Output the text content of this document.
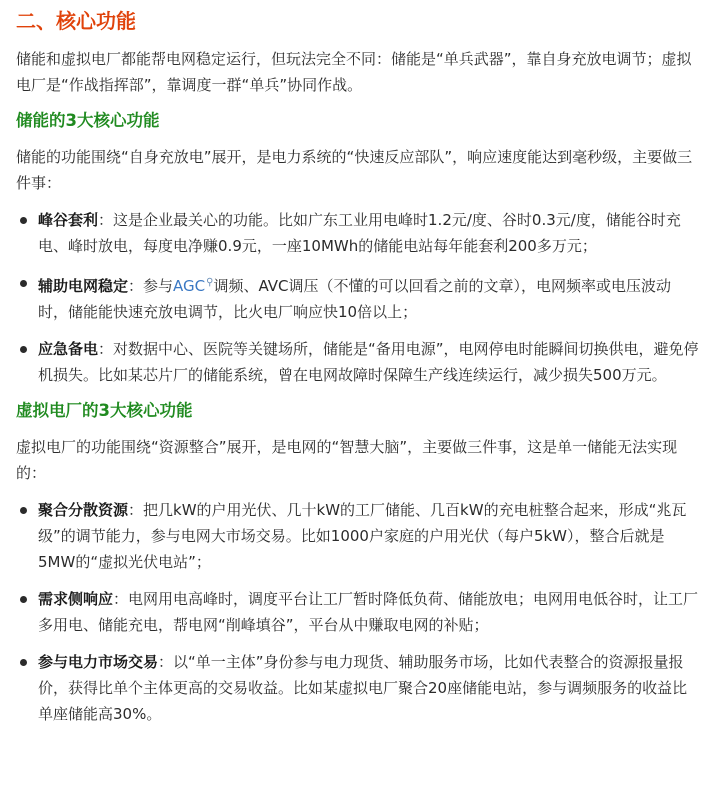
二、核心功能

储能和虚拟电厂都能帮电网稳定运行，但玩法完全不同：储能是“单兵武器”，靠自身充放电调节；虚拟电厂是“作战指挥部”，靠调度一群“单兵”协同作战。

储能的3大核心功能

储能的功能围绕“自身充放电”展开，是电力系统的“快速反应部队”，响应速度能达到毫秒级，主要做三件事：

峰谷套利：这是企业最关心的功能。比如广东工业用电峰时1.2元/度、谷时0.3元/度，储能谷时充电、峰时放电，每度电净赚0.9元，一座10MWh的储能电站每年能套利200多万元；
辅助电网稳定：参与AGC⚲调频、AVC调压（不懂的可以回看之前的文章），电网频率或电压波动时，储能能快速充放电调节，比火电厂响应快10倍以上；
应急备电：对数据中心、医院等关键场所，储能是“备用电源”，电网停电时能瞬间切换供电，避免停机损失。比如某芯片厂的储能系统，曾在电网故障时保障生产线连续运行，减少损失500万元。
虚拟电厂的3大核心功能

虚拟电厂的功能围绕“资源整合”展开，是电网的“智慧大脑”，主要做三件事，这是单一储能无法实现的：

聚合分散资源：把几kW的户用光伏、几十kW的工厂储能、几百kW的充电桩整合起来，形成“兆瓦级”的调节能力，参与电网大市场交易。比如1000户家庭的户用光伏（每户5kW），整合后就是5MW的“虚拟光伏电站”；
需求侧响应：电网用电高峰时，调度平台让工厂暂时降低负荷、储能放电；电网用电低谷时，让工厂多用电、储能充电，帮电网“削峰填谷”，平台从中赚取电网的补贴；
参与电力市场交易：以“单一主体”身份参与电力现货、辅助服务市场，比如代表整合的资源报量报价，获得比单个主体更高的交易收益。比如某虚拟电厂聚合20座储能电站，参与调频服务的收益比单座储能高30%。
